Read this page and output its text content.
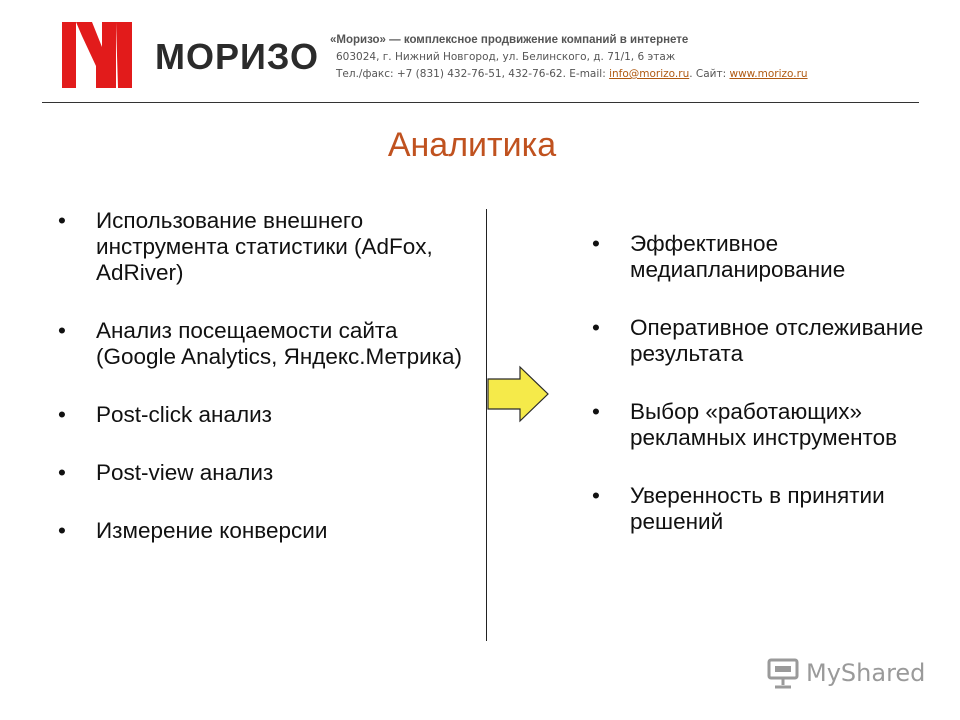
МОРИЗО «Моризо» — комплексное продвижение компаний в интернете
603024, г. Нижний Новгород, ул. Белинского, д. 71/1, 6 этаж
Тел./факс: +7 (831) 432-76-51, 432-76-62. E-mail: info@morizo.ru. Сайт: www.morizo.ru
Аналитика
• Использование внешнего инструмента статистики (AdFox, AdRiver)
• Анализ посещаемости сайта (Google Analytics, Яндекс.Метрика)
• Post-click анализ
• Post-view анализ
• Измерение конверсии
• Эффективное медиапланирование
• Оперативное отслеживание результата
• Выбор «работающих» рекламных инструментов
• Уверенность в принятии решений
MyShared
